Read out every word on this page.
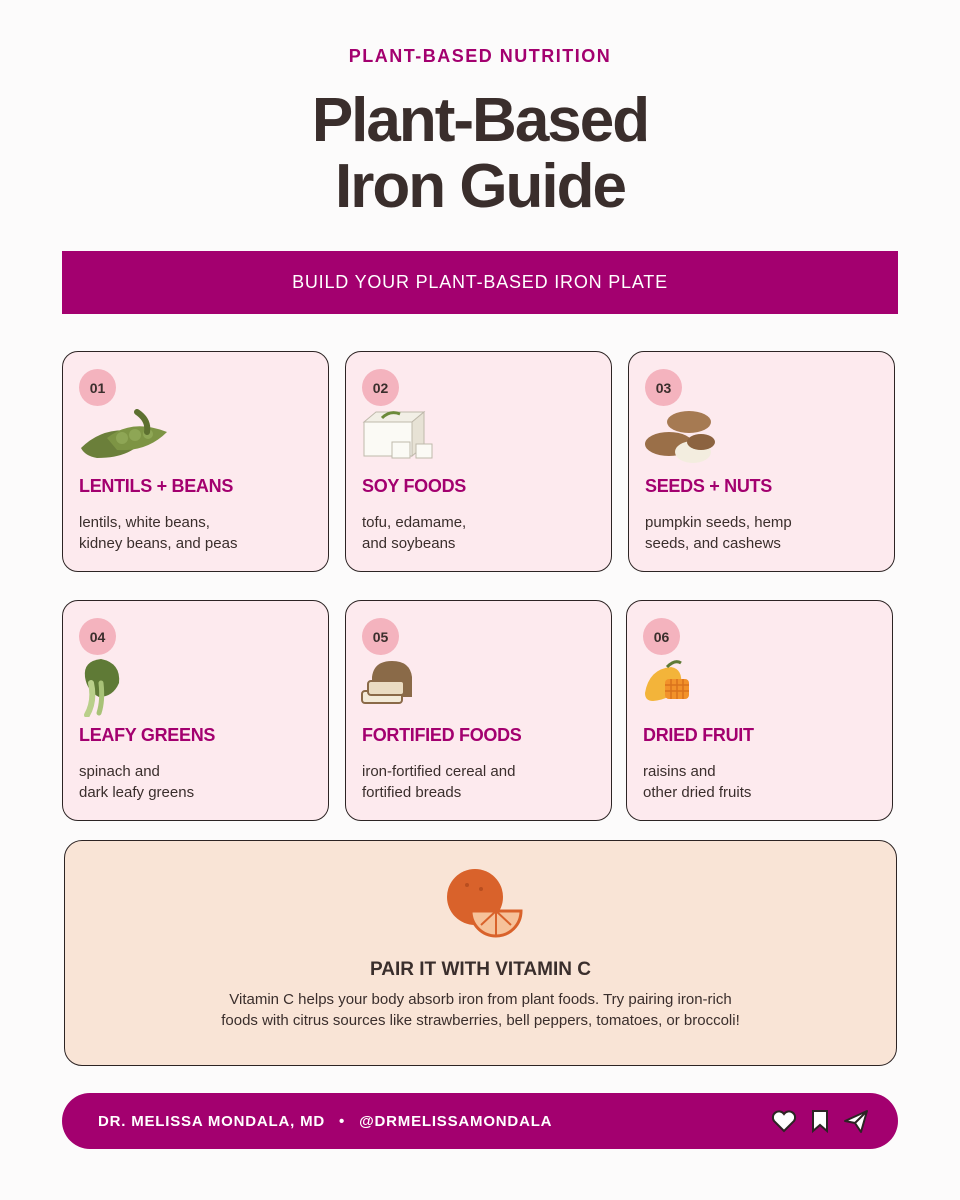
PLANT-BASED NUTRITION
Plant-Based
Iron Guide
BUILD YOUR PLANT-BASED IRON PLATE
01
LENTILS + BEANS
lentils, white beans,
kidney beans, and peas
02
SOY FOODS
tofu, edamame,
and soybeans
03
SEEDS + NUTS
pumpkin seeds, hemp
seeds, and cashews
04
LEAFY GREENS
spinach and
dark leafy greens
05
FORTIFIED FOODS
iron-fortified cereal and
fortified breads
06
DRIED FRUIT
raisins and
other dried fruits
PAIR IT WITH VITAMIN C
Vitamin C helps your body absorb iron from plant foods. Try pairing iron-rich
foods with citrus sources like strawberries, bell peppers, tomatoes, or broccoli!
DR. MELISSA MONDALA, MD • @DRMELISSAMONDALA
